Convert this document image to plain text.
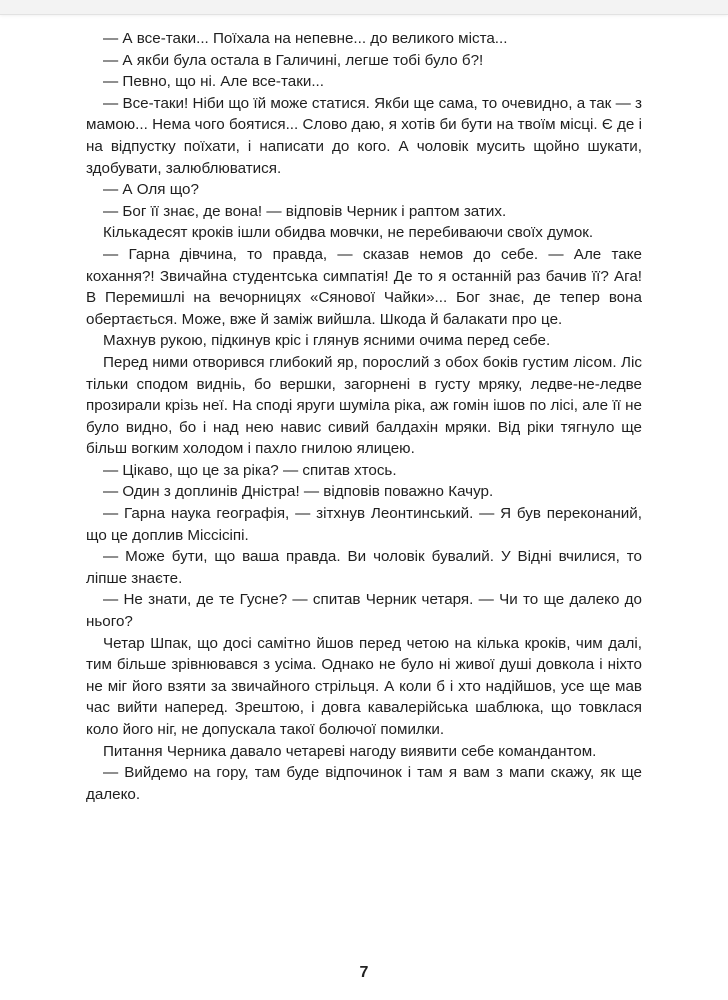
— А все-таки... Поїхала на непевне... до великого міста...

— А якби була остала в Галичині, легше тобі було б?!

— Певно, що ні. Але все-таки...

— Все-таки! Ніби що їй може статися. Якби ще сама, то очевидно, а так — з мамою... Нема чого боятися... Слово даю, я хотів би бути на твоїм місці. Є де і на відпустку поїхати, і написати до кого. А чоловік мусить щойно шукати, здобувати, залюблюватися.

— А Оля що?

— Бог її знає, де вона! — відповів Черник і раптом затих.

Кількадесят кроків ішли обидва мовчки, не перебиваючи своїх думок.

— Гарна дівчина, то правда, — сказав немов до себе. — Але таке кохання?! Звичайна студентська симпатія! Де то я останній раз бачив її? Ага! В Перемишлі на вечорницях «Сянової Чайки»... Бог знає, де тепер вона обертається. Може, вже й заміж вийшла. Шкода й балакати про це.

Махнув рукою, підкинув кріс і глянув ясними очима перед себе.

Перед ними отворився глибокий яр, порослий з обох боків густим лісом. Ліс тільки сподом видніь, бо вершки, загорнені в густу мряку, ледве-не-ледве прозирали крізь неї. На споді яруги шуміла ріка, аж гомін ішов по лісі, але її не було видно, бо і над нею навис сивий балдахін мряки. Від ріки тягнуло ще більш вогким холодом і пахло гнилою ялицею.

— Цікаво, що це за ріка? — спитав хтось.

— Один з доплинів Дністра! — відповів поважно Качур.

— Гарна наука географія, — зітхнув Леонтинський. — Я був переконаний, що це доплив Міссісіпі.

— Може бути, що ваша правда. Ви чоловік бувалий. У Відні вчилися, то ліпше знаєте.

— Не знати, де те Гусне? — спитав Черник четаря. — Чи то ще далеко до нього?

Четар Шпак, що досі самітно йшов перед четою на кілька кроків, чим далі, тим більше зрівнювався з усіма. Однако не було ні живої душі довкола і ніхто не міг його взяти за звичайного стрільця. А коли б і хто надійшов, усе ще мав час вийти наперед. Зрештою, і довга кавалерійська шаблюка, що товклася коло його ніг, не допускала такої болючої помилки.

Питання Черника давало четареві нагоду виявити себе командантом.

— Вийдемо на гору, там буде відпочинок і там я вам з мапи скажу, як ще далеко.

7
